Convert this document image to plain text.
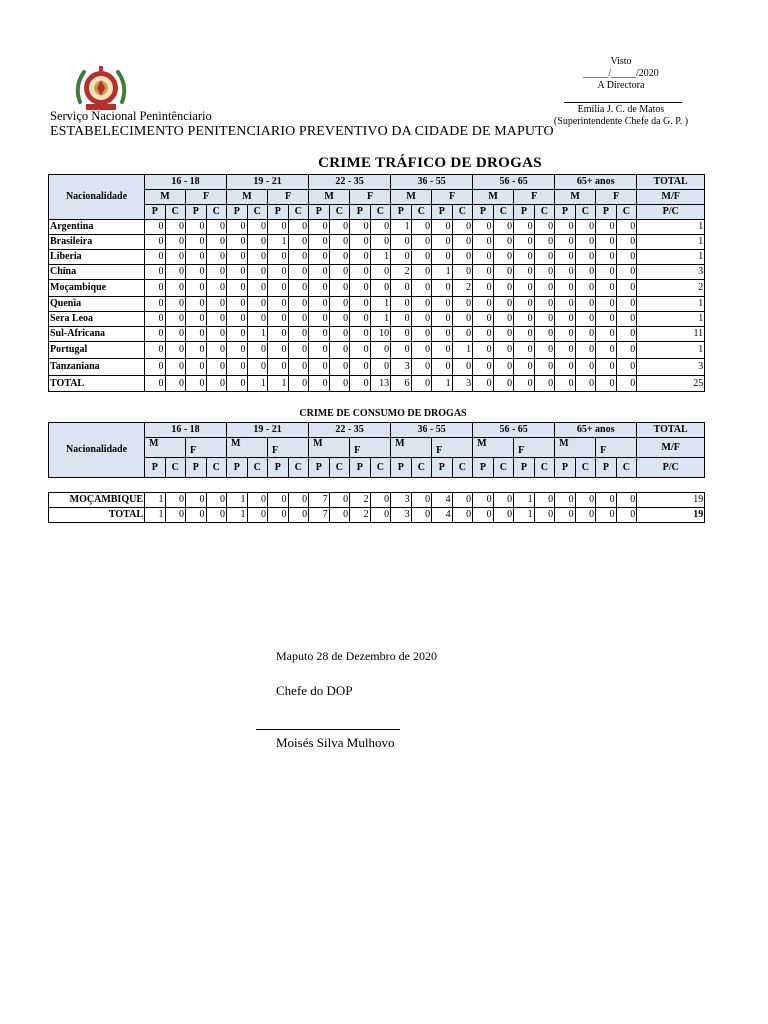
Serviço Nacional Penintênciario
ESTABELECIMENTO PENITENCIARIO PREVENTIVO DA CIDADE DE MAPUTO
Visto
_____/_____/2020
A Directora
Emília J. C. de Matos
(Superintendente Chefe da G. P. )
CRIME TRÁFICO DE DROGAS
Nacionalidade	16 - 18				19 - 21				22 - 35				36 - 55				56 - 65				65+ anos				TOTAL
	M		F		M		F		M		F		M		F		M		F		M		F		M/F
	P	C	P	C	P	C	P	C	P	C	P	C	P	C	P	C	P	C	P	C	P	C	P	C	P/C
Argentina	0	0	0	0	0	0	0	0	0	0	0	0	1	0	0	0	0	0	0	0	0	0	0	0	1
Brasileira	0	0	0	0	0	0	1	0	0	0	0	0	0	0	0	0	0	0	0	0	0	0	0	0	1
Liberia	0	0	0	0	0	0	0	0	0	0	0	1	0	0	0	0	0	0	0	0	0	0	0	0	1
China	0	0	0	0	0	0	0	0	0	0	0	0	2	0	1	0	0	0	0	0	0	0	0	0	3
Moçambique	0	0	0	0	0	0	0	0	0	0	0	0	0	0	0	2	0	0	0	0	0	0	0	0	2
Quenia	0	0	0	0	0	0	0	0	0	0	0	1	0	0	0	0	0	0	0	0	0	0	0	0	1
Sera Leoa	0	0	0	0	0	0	0	0	0	0	0	1	0	0	0	0	0	0	0	0	0	0	0	0	1
Sul-Africana	0	0	0	0	0	1	0	0	0	0	0	10	0	0	0	0	0	0	0	0	0	0	0	0	11
Portugal	0	0	0	0	0	0	0	0	0	0	0	0	0	0	0	1	0	0	0	0	0	0	0	0	1
Tanzaniana	0	0	0	0	0	0	0	0	0	0	0	0	3	0	0	0	0	0	0	0	0	0	0	0	3
TOTAL	0	0	0	0	0	1	1	0	0	0	0	13	6	0	1	3	0	0	0	0	0	0	0	0	25
CRIME DE CONSUMO DE DROGAS
Nacionalidade	16 - 18				19 - 21				22 - 35				36 - 55				56 - 65				65+ anos				TOTAL
	M		F		M		F		M		F		M		F		M		F		M		F		M/F
	P	C	P	C	P	C	P	C	P	C	P	C	P	C	P	C	P	C	P	C	P	C	P	C	P/C

MOÇAMBIQUE	1	0	0	0	1	0	0	0	7	0	2	0	3	0	4	0	0	0	1	0	0	0	0	0	19
TOTAL	1	0	0	0	1	0	0	0	7	0	2	0	3	0	4	0	0	0	1	0	0	0	0	0	19
Maputo 28 de Dezembro de 2020
Chefe do DOP
Moisés Silva Mulhovo
